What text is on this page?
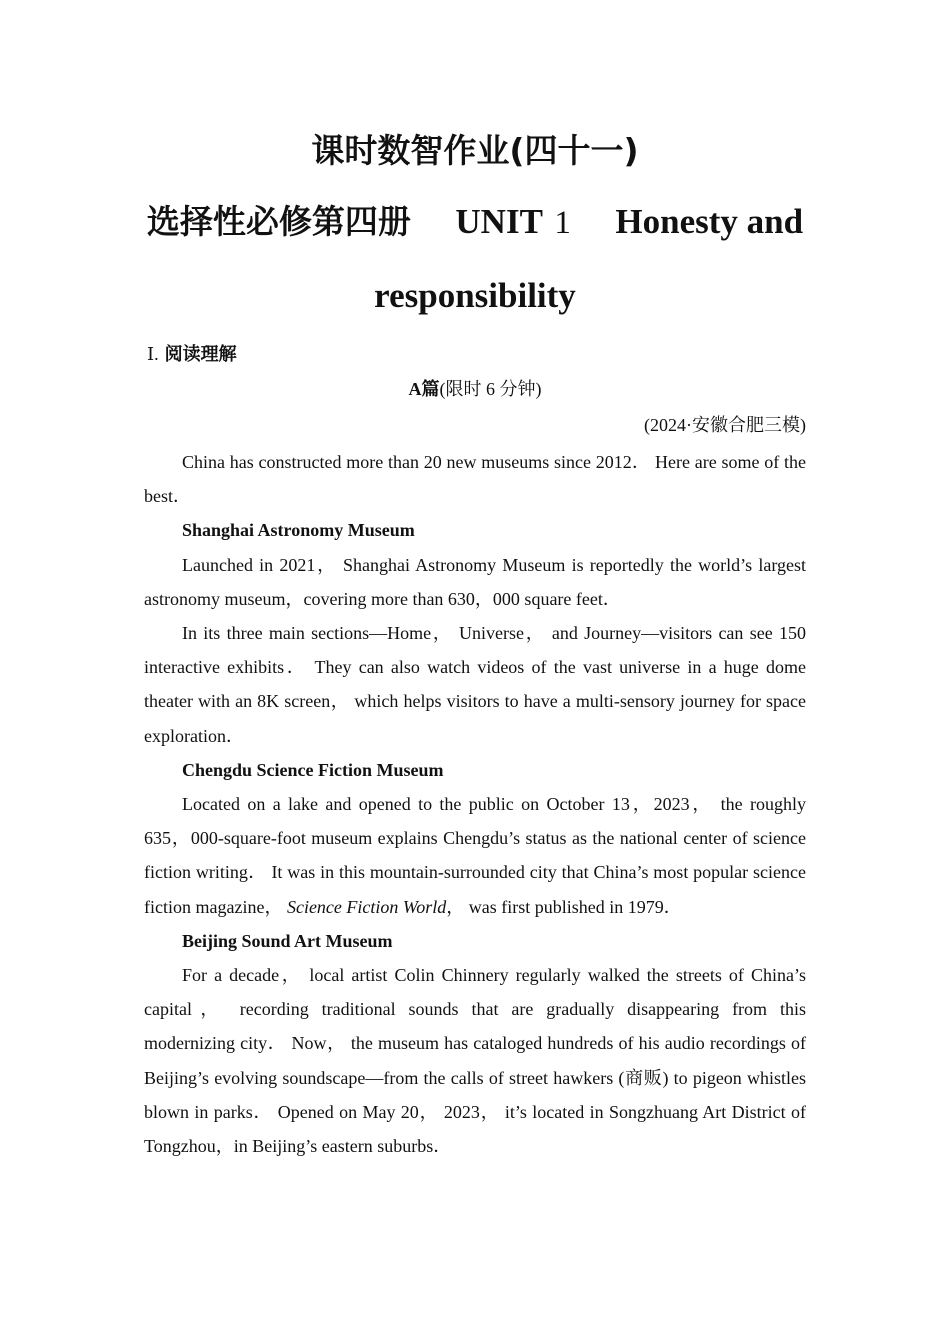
课时数智作业(四十一)
选择性必修第四册  UNIT 1  Honesty and
responsibility
Ⅰ. 阅读理解
A篇(限时 6 分钟)
(2024·安徽合肥三模)

China has constructed more than 20 new museums since 2012． Here are some of the best．

Shanghai Astronomy Museum

Launched in 2021， Shanghai Astronomy Museum is reportedly the world’s largest astronomy museum，covering more than 630，000 square feet．

In its three main sections—Home， Universe， and Journey—visitors can see 150 interactive exhibits． They can also watch videos of the vast universe in a huge dome theater with an 8K screen， which helps visitors to have a multi-sensory journey for space exploration．

Chengdu Science Fiction Museum

Located on a lake and opened to the public on October 13，2023， the roughly 635，000-square-foot museum explains Chengdu’s status as the national center of science fiction writing． It was in this mountain-surrounded city that China’s most popular science fiction magazine， Science Fiction World， was first published in 1979．

Beijing Sound Art Museum

For a decade， local artist Colin Chinnery regularly walked the streets of China’s capital， recording traditional sounds that are gradually disappearing from this modernizing city． Now， the museum has cataloged hundreds of his audio recordings of Beijing’s evolving soundscape—from the calls of street hawkers (商贩) to pigeon whistles blown in parks． Opened on May 20， 2023， it’s located in Songzhuang Art District of Tongzhou，in Beijing’s eastern suburbs．
